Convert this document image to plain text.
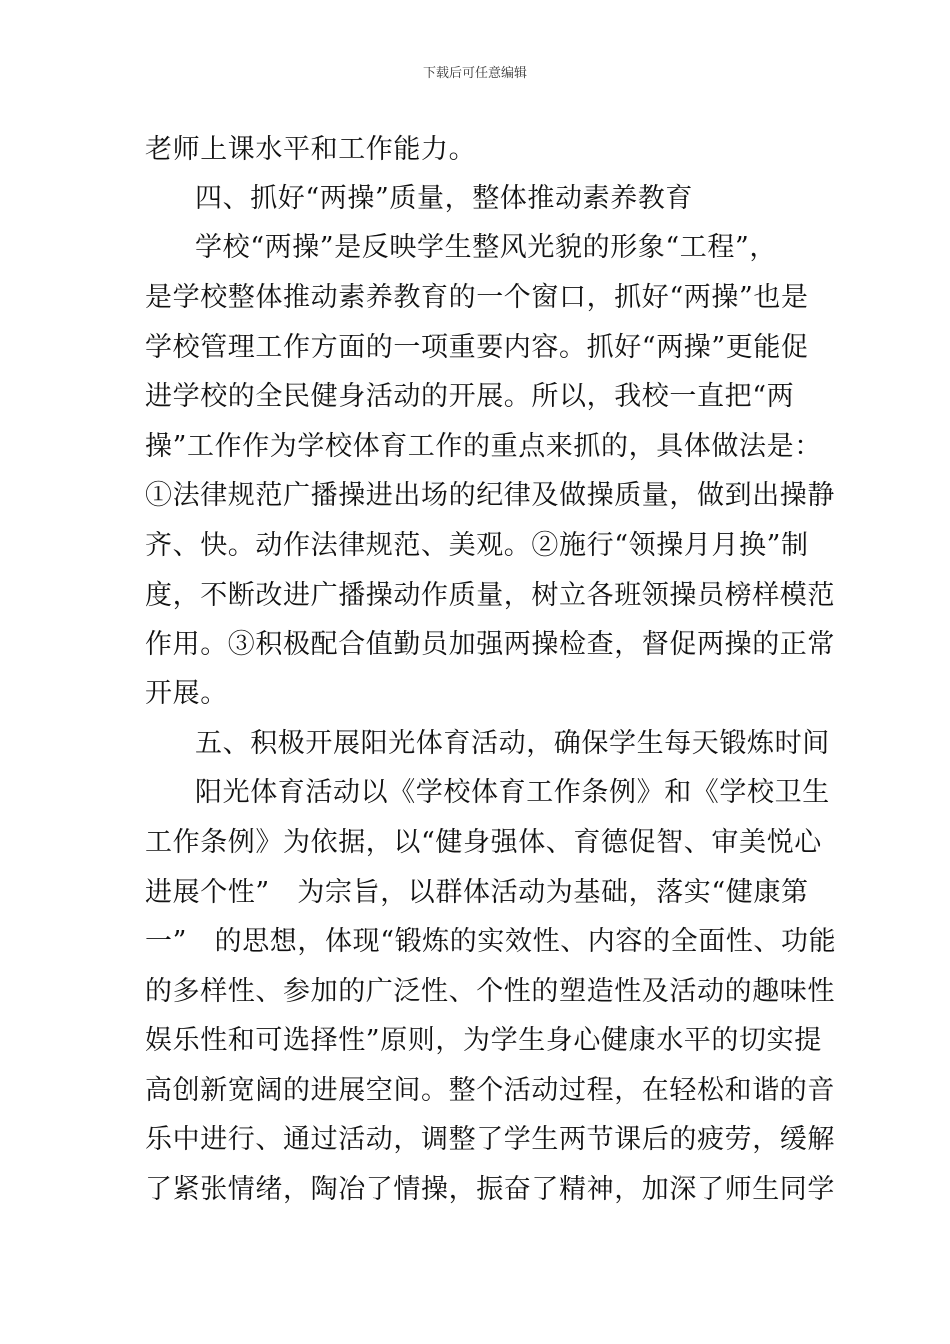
下载后可任意编辑
老师上课水平和工作能力。
四、抓好“两操”质量，整体推动素养教育
学校“两操”是反映学生整风光貌的形象“工程”，
是学校整体推动素养教育的一个窗口，抓好“两操”也是
学校管理工作方面的一项重要内容。抓好“两操”更能促
进学校的全民健身活动的开展。所以，我校一直把“两
操”工作作为学校体育工作的重点来抓的，具体做法是：
①法律规范广播操进出场的纪律及做操质量，做到出操静
齐、快。动作法律规范、美观。②施行“领操月月换”制
度，不断改进广播操动作质量，树立各班领操员榜样模范
作用。③积极配合值勤员加强两操检查，督促两操的正常
开展。
五、积极开展阳光体育活动，确保学生每天锻炼时间
阳光体育活动以《学校体育工作条例》和《学校卫生
工作条例》为依据，以“健身强体、育德促智、审美悦心
进展个性”　为宗旨，以群体活动为基础，落实“健康第
一”　的思想，体现“锻炼的实效性、内容的全面性、功能
的多样性、参加的广泛性、个性的塑造性及活动的趣味性
娱乐性和可选择性”原则，为学生身心健康水平的切实提
高创新宽阔的进展空间。整个活动过程，在轻松和谐的音
乐中进行、通过活动，调整了学生两节课后的疲劳，缓解
了紧张情绪，陶冶了情操，振奋了精神，加深了师生同学
